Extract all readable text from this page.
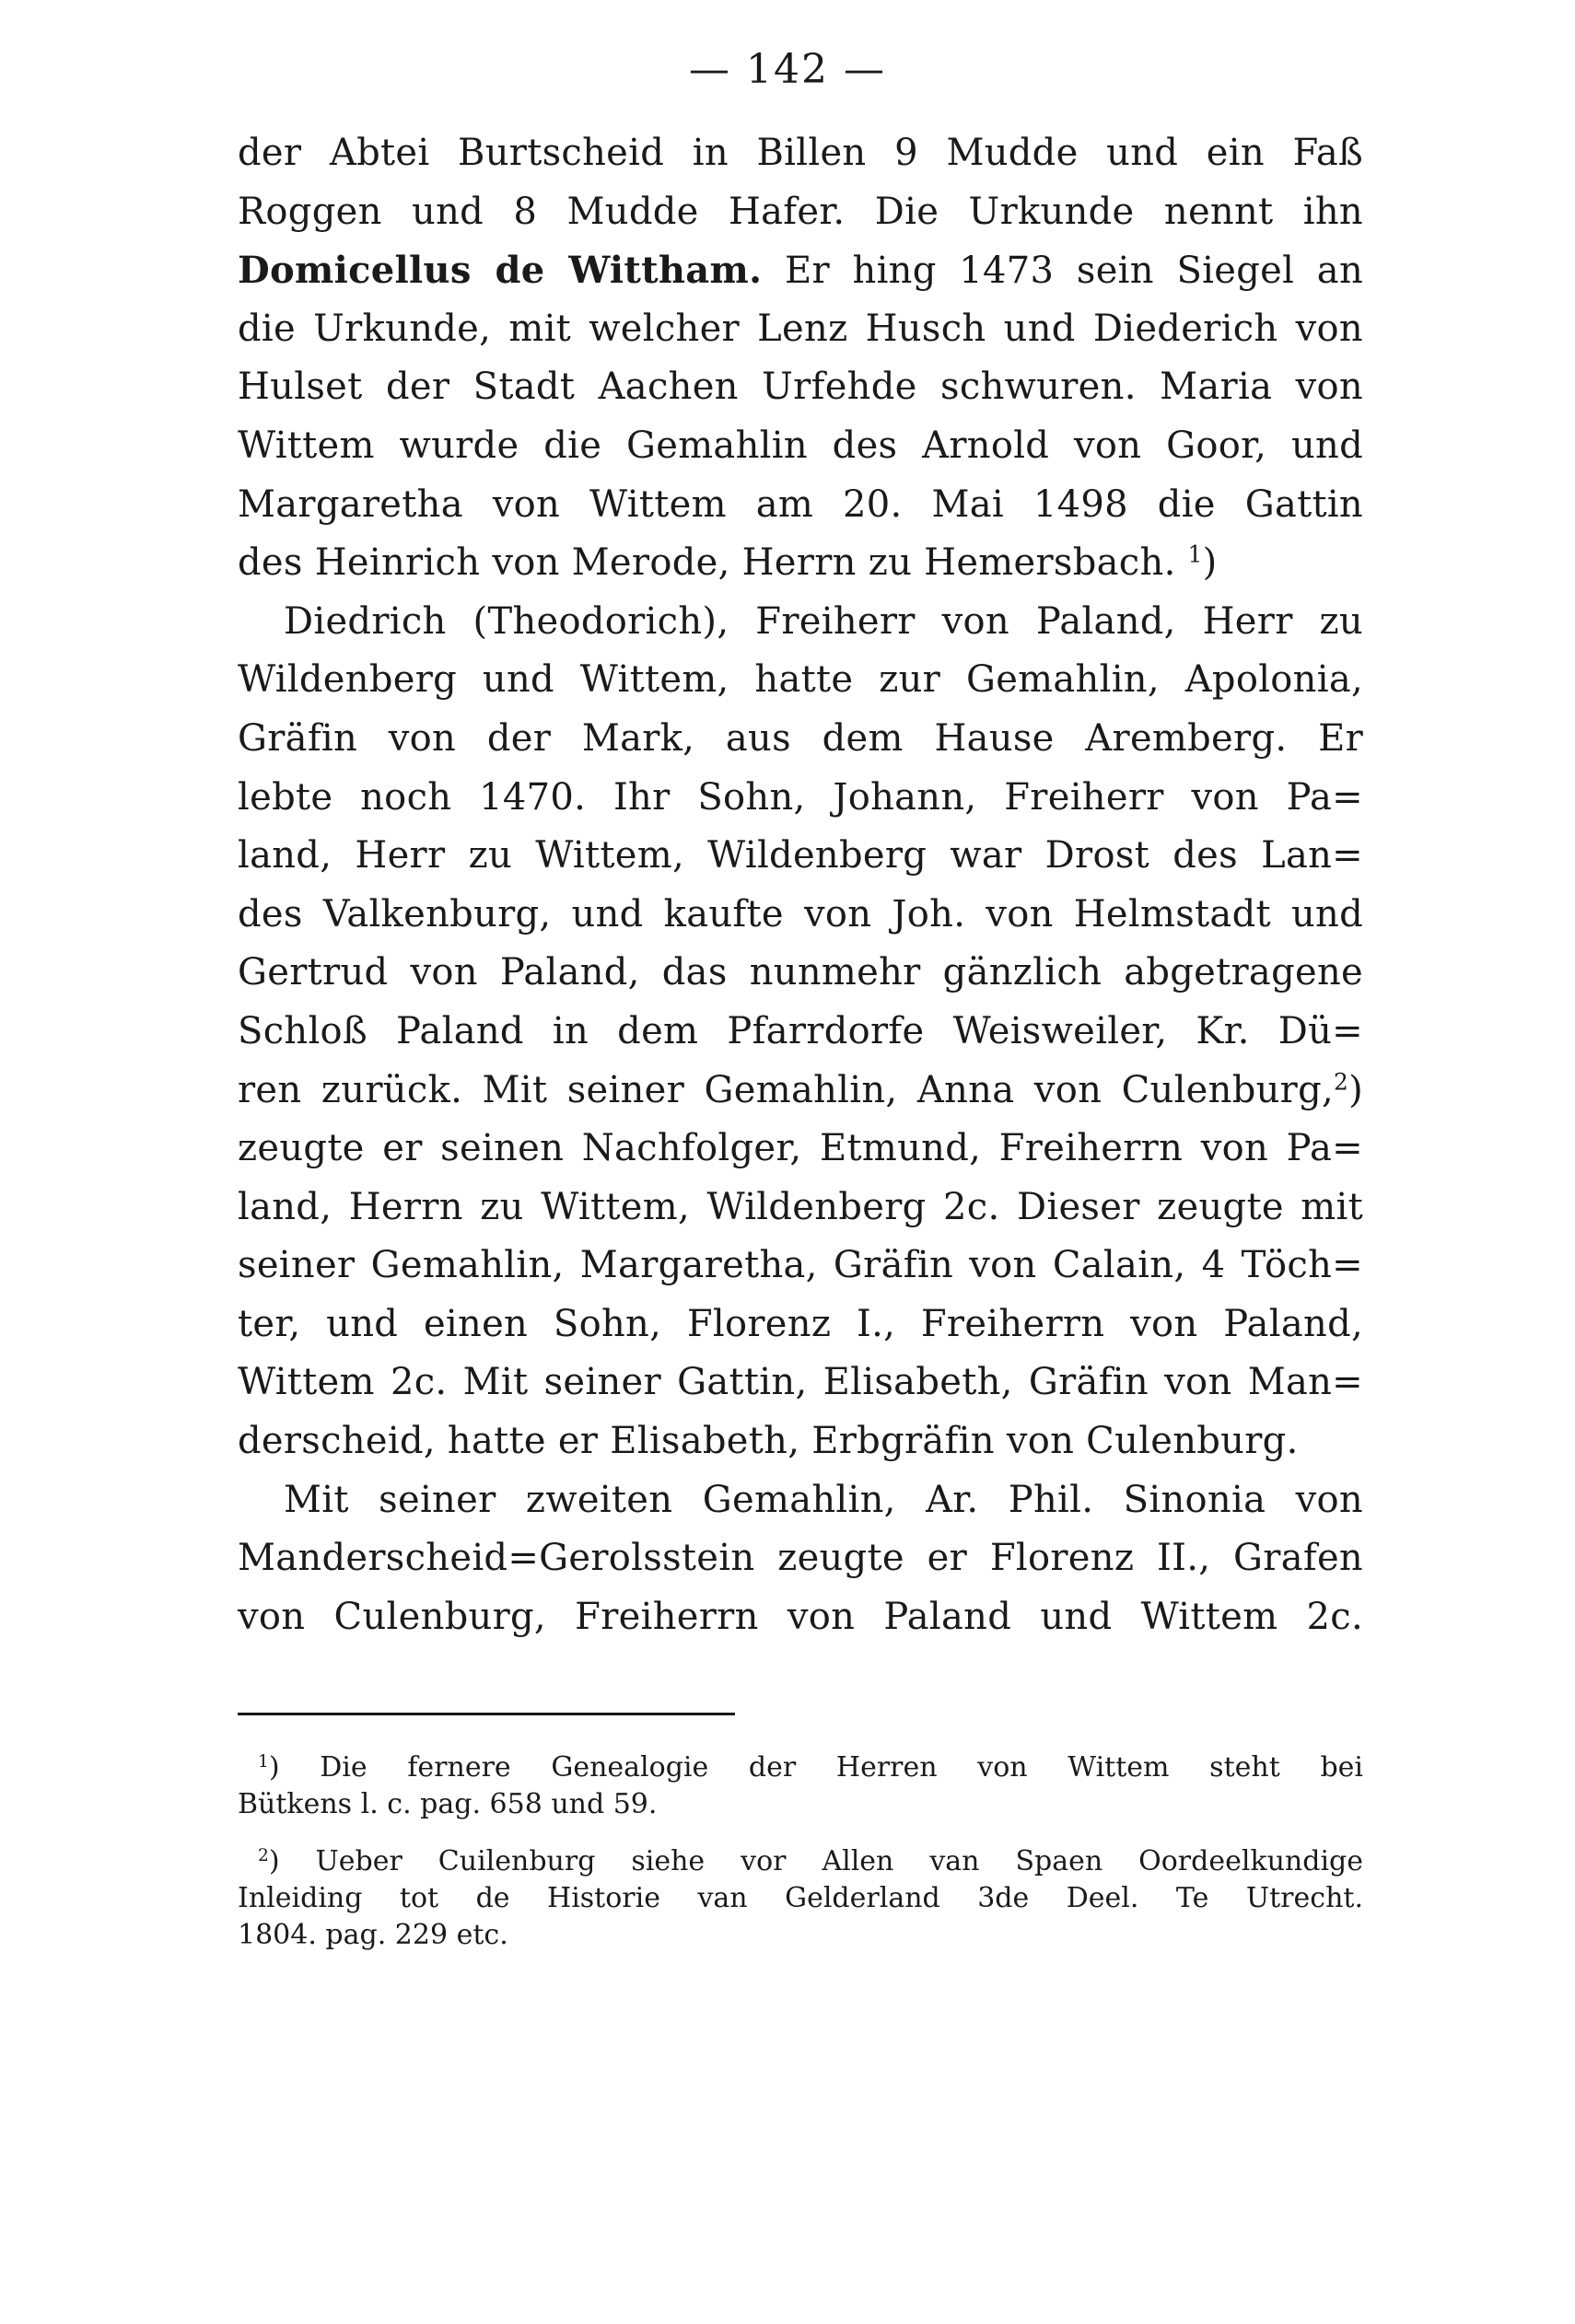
— 142 —
der Abtei Burtscheid in Billen 9 Mudde und ein Faß
Roggen und 8 Mudde Hafer. Die Urkunde nennt ihn
Domicellus de Wittham. Er hing 1473 sein Siegel an
die Urkunde, mit welcher Lenz Husch und Diederich von
Hulset der Stadt Aachen Urfehde schwuren. Maria von
Wittem wurde die Gemahlin des Arnold von Goor, und
Margaretha von Wittem am 20. Mai 1498 die Gattin
des Heinrich von Merode, Herrn zu Hemersbach. $^1$)
Diedrich (Theodorich), Freiherr von Paland, Herr zu
Wildenberg und Wittem, hatte zur Gemahlin, Apolonia,
Gräfin von der Mark, aus dem Hause Aremberg. Er
lebte noch 1470. Ihr Sohn, Johann, Freiherr von Pa=
land, Herr zu Wittem, Wildenberg war Drost des Lan=
des Valkenburg, und kaufte von Joh. von Helmstadt und
Gertrud von Paland, das nunmehr gänzlich abgetragene
Schloß Paland in dem Pfarrdorfe Weisweiler, Kr. Dü=
ren zurück. Mit seiner Gemahlin, Anna von Culenburg,$^2$)
zeugte er seinen Nachfolger, Etmund, Freiherrn von Pa=
land, Herrn zu Wittem, Wildenberg 2c. Dieser zeugte mit
seiner Gemahlin, Margaretha, Gräfin von Calain, 4 Töch=
ter, und einen Sohn, Florenz I., Freiherrn von Paland,
Wittem 2c. Mit seiner Gattin, Elisabeth, Gräfin von Man=
derscheid, hatte er Elisabeth, Erbgräfin von Culenburg.
Mit seiner zweiten Gemahlin, Ar. Phil. Sinonia von
Manderscheid=Gerolsstein zeugte er Florenz II., Grafen
von Culenburg, Freiherrn von Paland und Wittem 2c.
$^1$) Die fernere Genealogie der Herren von Wittem steht bei
Bütkens l. c. pag. 658 und 59.
$^2$) Ueber Cuilenburg siehe vor Allen van Spaen Oordeelkundige
Inleiding tot de Historie van Gelderland 3de Deel. Te Utrecht.
1804. pag. 229 etc.
